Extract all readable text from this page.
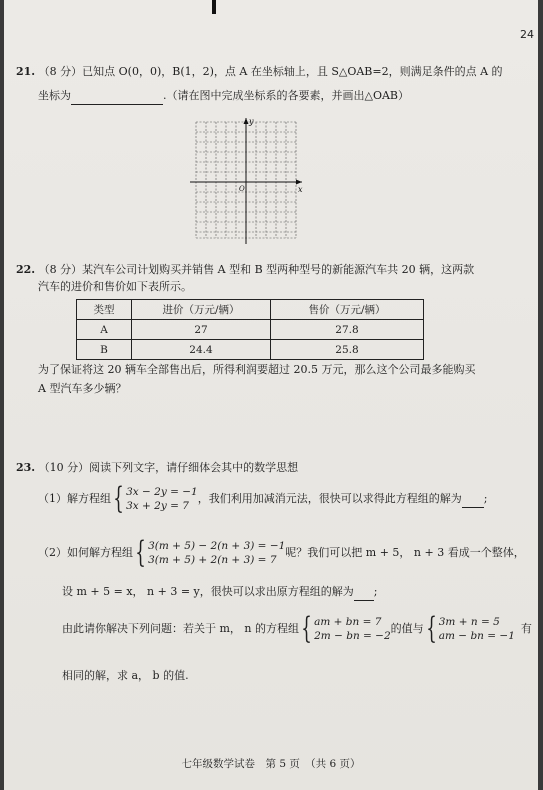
24
21. （8 分）已知点 O(0，0)，B(1，2)，点 A 在坐标轴上，且 S△OAB=2，则满足条件的点 A 的
坐标为	.（请在图中完成坐标系的各要素，并画出△OAB）
x
y
O
22. （8 分）某汽车公司计划购买并销售 A 型和 B 型两种型号的新能源汽车共 20 辆，这两款
汽车的进价和售价如下表所示。
类型	进价（万元/辆）	售价（万元/辆）
A	27	27.8
B	24.4	25.8
为了保证将这 20 辆车全部售出后，所得利润要超过 20.5 万元，那么这个公司最多能购买
A 型汽车多少辆？
23. （10 分）阅读下列文字，请仔细体会其中的数学思想
（1）解方程组 { 3x − 2y = −1
3x + 2y = 7
，我们利用加减消元法，很快可以求得此方程组的解为
;
（2）如何解方程组 { 3(m + 5) − 2(n + 3) = −1
3(m + 5) + 2(n + 3) = 7
呢？我们可以把 m + 5， n + 3 看成一个整体，
设 m + 5 = x， n + 3 = y，很快可以求出原方程组的解为 ;
由此请你解决下列问题：若关于 m， n 的方程组 { am + bn = 7
2m − bn = −2
的值与 { 3m + n = 5
am − bn = −1
有
相同的解，求 a， b 的值.
七年级数学试卷　第 5 页　（共 6 页）
